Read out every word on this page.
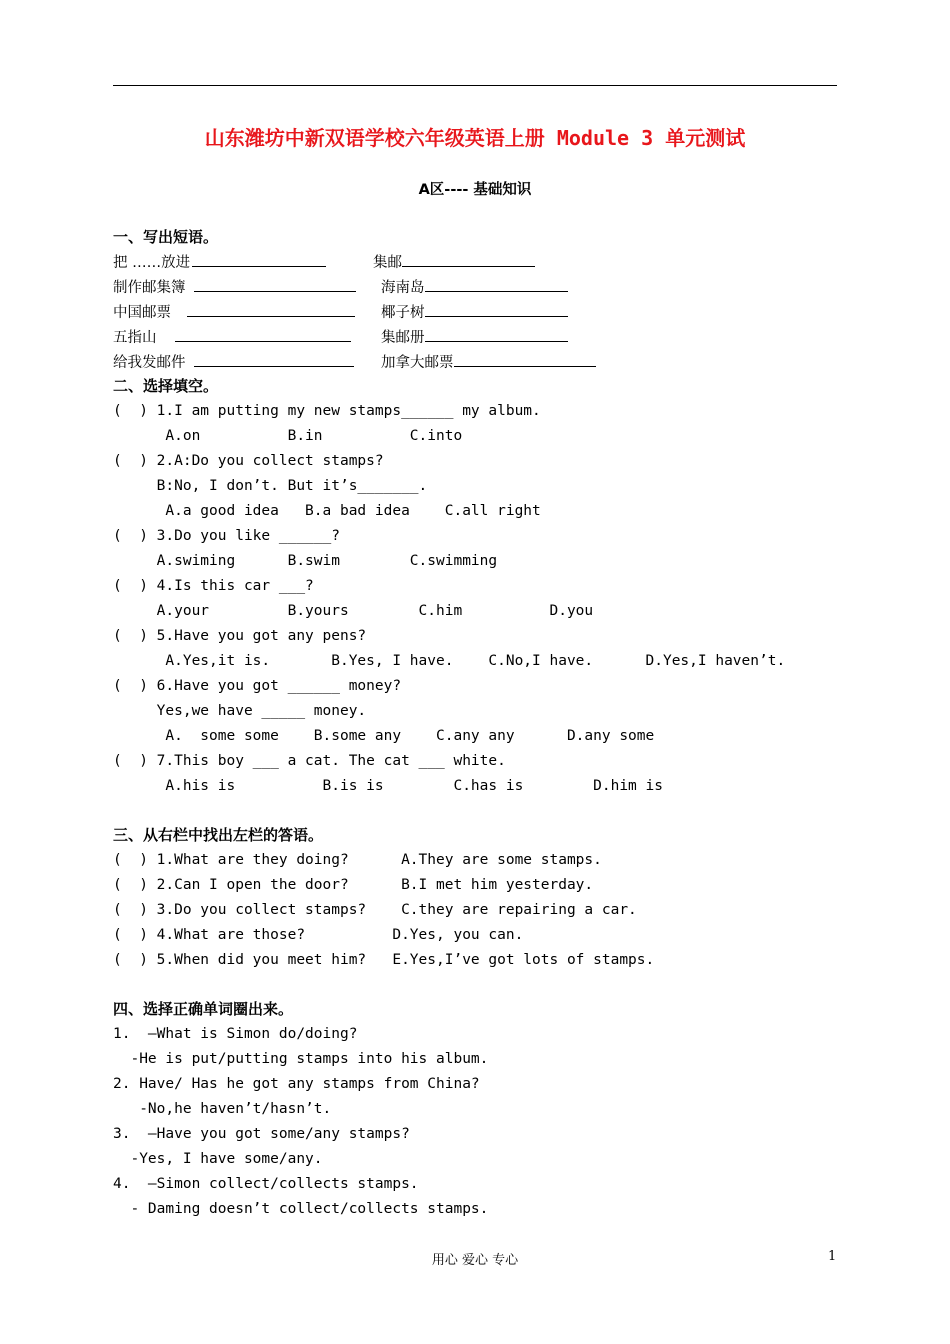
山东潍坊中新双语学校六年级英语上册 Module 3 单元测试
A区---- 基础知识
一、写出短语。
把 ……放进	集邮
制作邮集簿	海南岛
中国邮票	椰子树
五指山	集邮册
给我发邮件	加拿大邮票
二、选择填空。
(  ) 1.I am putting my new stamps______ my album.
A.on          B.in          C.into
(  ) 2.A:Do you collect stamps?
B:No, I don’t. But it’s_______.
A.a good idea   B.a bad idea    C.all right
(  ) 3.Do you like ______?
A.swiming      B.swim        C.swimming
(  ) 4.Is this car ___?
A.your         B.yours        C.him          D.you
(  ) 5.Have you got any pens?
A.Yes,it is.       B.Yes, I have.    C.No,I have.      D.Yes,I haven’t.
(  ) 6.Have you got ______ money?
Yes,we have _____ money.
A.  some some    B.some any    C.any any      D.any some
(  ) 7.This boy ___ a cat. The cat ___ white.
A.his is          B.is is        C.has is        D.him is
三、从右栏中找出左栏的答语。
(  ) 1.What are they doing?      A.They are some stamps.
(  ) 2.Can I open the door?      B.I met him yesterday.
(  ) 3.Do you collect stamps?    C.they are repairing a car.
(  ) 4.What are those?          D.Yes, you can.
(  ) 5.When did you meet him?   E.Yes,I’ve got lots of stamps.
四、选择正确单词圈出来。
1.  –What is Simon do/doing?
-He is put/putting stamps into his album.
2. Have/ Has he got any stamps from China?
-No,he haven’t/hasn’t.
3.  –Have you got some/any stamps?
-Yes, I have some/any.
4.  –Simon collect/collects stamps.
- Daming doesn’t collect/collects stamps.
用心 爱心 专心	1
